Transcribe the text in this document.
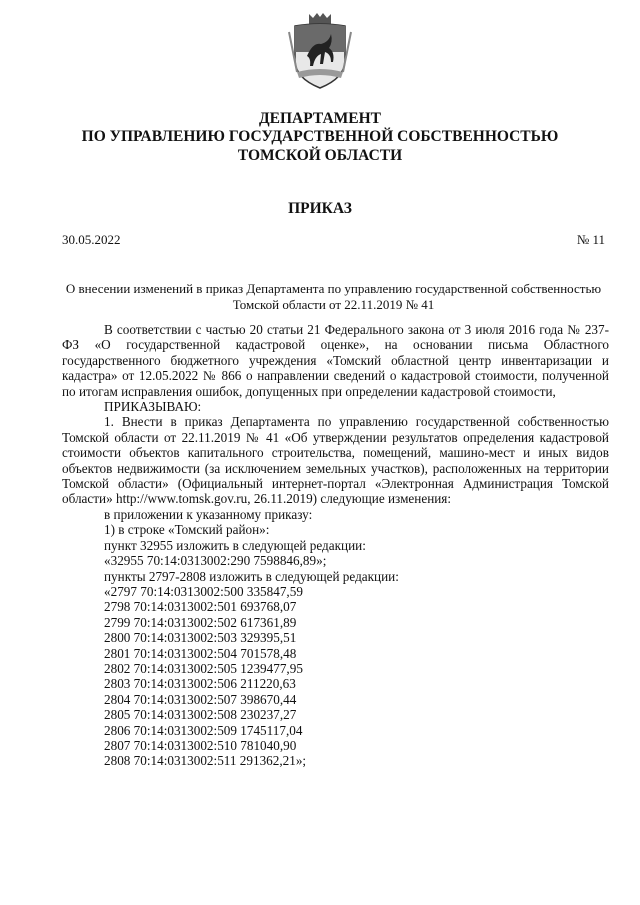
ДЕПАРТАМЕНТ
ПО УПРАВЛЕНИЮ ГОСУДАРСТВЕННОЙ СОБСТВЕННОСТЬЮ
ТОМСКОЙ ОБЛАСТИ
ПРИКАЗ
30.05.2022	№ 11
О внесении изменений в приказ Департамента по управлению государственной собственностью Томской области от 22.11.2019 № 41

В соответствии с частью 20 статьи 21 Федерального закона от 3 июля 2016 года № 237-ФЗ «О государственной кадастровой оценке», на основании письма Областного государственного бюджетного учреждения «Томский областной центр инвентаризации и кадастра» от 12.05.2022 № 866 о направлении сведений о кадастровой стоимости, полученной по итогам исправления ошибок, допущенных при определении кадастровой стоимости,

ПРИКАЗЫВАЮ:

1. Внести в приказ Департамента по управлению государственной собственностью Томской области от 22.11.2019 № 41 «Об утверждении результатов определения кадастровой стоимости объектов капитального строительства, помещений, машино-мест и иных видов объектов недвижимости (за исключением земельных участков), расположенных на территории Томской области» (Официальный интернет-портал «Электронная Администрация Томской области» http://www.tomsk.gov.ru, 26.11.2019) следующие изменения:

в приложении к указанному приказу:
1) в строке «Томский район»:
пункт 32955 изложить в следующей редакции:
«32955 70:14:0313002:290 7598846,89»;
пункты 2797-2808 изложить в следующей редакции:
«2797 70:14:0313002:500 335847,59
2798 70:14:0313002:501 693768,07
2799 70:14:0313002:502 617361,89
2800 70:14:0313002:503 329395,51
2801 70:14:0313002:504 701578,48
2802 70:14:0313002:505 1239477,95
2803 70:14:0313002:506 211220,63
2804 70:14:0313002:507 398670,44
2805 70:14:0313002:508 230237,27
2806 70:14:0313002:509 1745117,04
2807 70:14:0313002:510 781040,90
2808 70:14:0313002:511 291362,21»;
